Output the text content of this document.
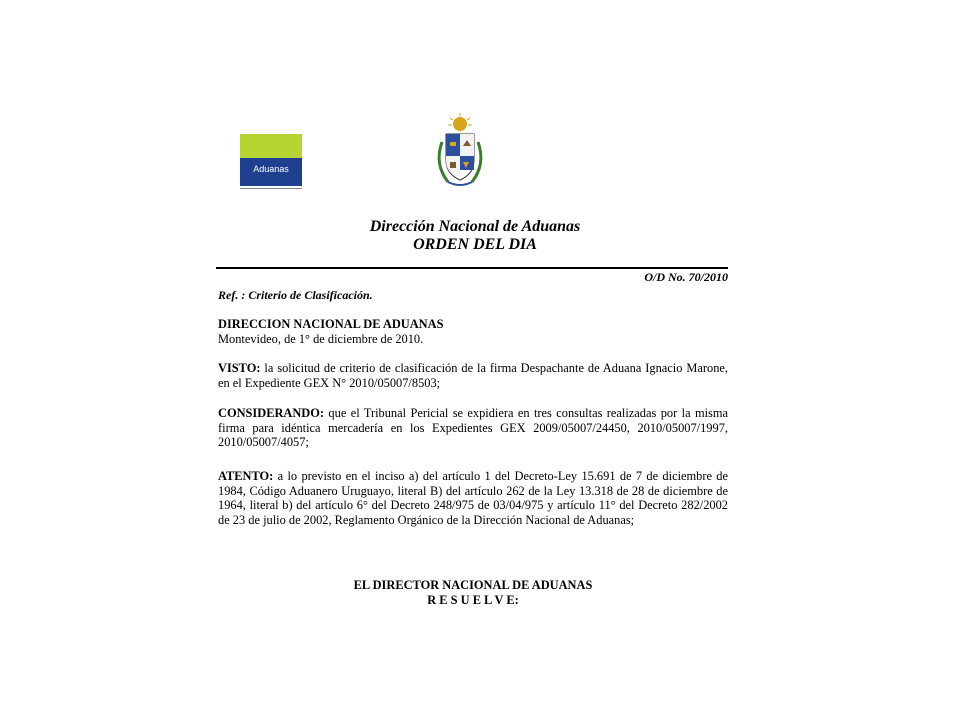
Aduanas
Dirección Nacional de Aduanas
ORDEN DEL DIA
O/D No. 70/2010
Ref. : Criterio de Clasificación.
DIRECCION NACIONAL DE ADUANAS
Montevideo, de 1° de diciembre de 2010.
VISTO: la solicitud de criterio de clasificación de la firma Despachante de Aduana Ignacio Marone, en el Expediente GEX N° 2010/05007/8503;
CONSIDERANDO: que el Tribunal Pericial se expidiera en tres consultas realizadas por la misma firma para idéntica mercadería en los Expedientes GEX 2009/05007/24450, 2010/05007/1997, 2010/05007/4057;
ATENTO: a lo previsto en el inciso a) del artículo 1 del Decreto-Ley 15.691 de 7 de diciembre de 1984, Código Aduanero Uruguayo, literal B) del artículo 262 de la Ley 13.318 de 28 de diciembre de 1964, literal b) del artículo 6° del Decreto 248/975 de 03/04/975 y artículo 11° del Decreto 282/2002 de 23 de julio de 2002, Reglamento Orgánico de la Dirección Nacional de Aduanas;
EL DIRECTOR NACIONAL DE ADUANAS
R E S U E L V E:
